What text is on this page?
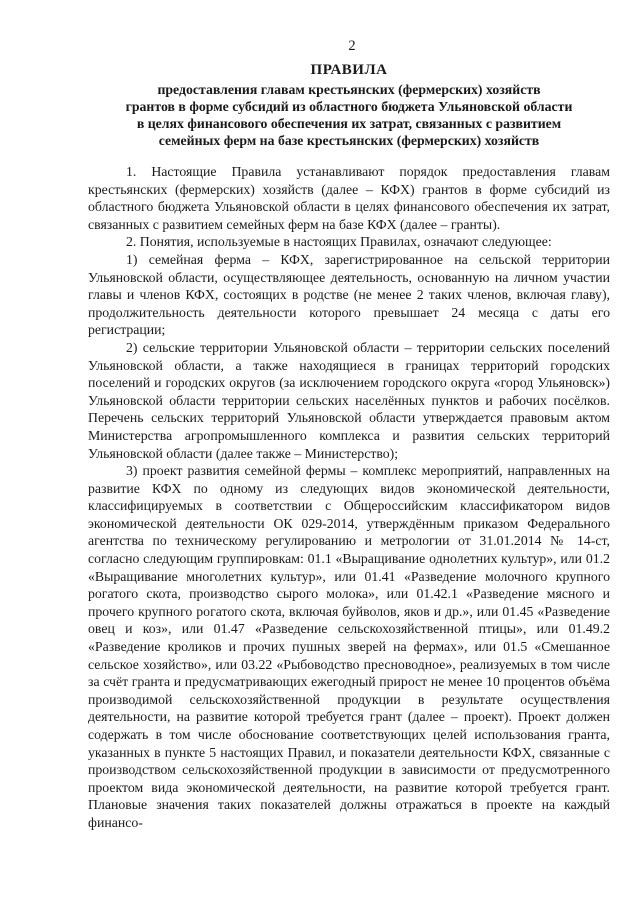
2
ПРАВИЛА
предоставления главам крестьянских (фермерских) хозяйств
грантов в форме субсидий из областного бюджета Ульяновской области
в целях финансового обеспечения их затрат, связанных с развитием
семейных ферм на базе крестьянских (фермерских) хозяйств

1. Настоящие Правила устанавливают порядок предоставления главам крестьянских (фермерских) хозяйств (далее – КФХ) грантов в форме субсидий из областного бюджета Ульяновской области в целях финансового обеспечения их затрат, связанных с развитием семейных ферм на базе КФХ (далее – гранты).

2. Понятия, используемые в настоящих Правилах, означают следующее:

1) семейная ферма – КФХ, зарегистрированное на сельской территории Ульяновской области, осуществляющее деятельность, основанную на личном участии главы и членов КФХ, состоящих в родстве (не менее 2 таких членов, включая главу), продолжительность деятельности которого превышает 24 месяца с даты его регистрации;

2) сельские территории Ульяновской области – территории сельских поселений Ульяновской области, а также находящиеся в границах территорий городских поселений и городских округов (за исключением городского округа «город Ульяновск») Ульяновской области территории сельских населённых пунктов и рабочих посёлков. Перечень сельских территорий Ульяновской области утверждается правовым актом Министерства агропромышленного комплекса и развития сельских территорий Ульяновской области (далее также – Министерство);

3) проект развития семейной фермы – комплекс мероприятий, направленных на развитие КФХ по одному из следующих видов экономической деятельности, классифицируемых в соответствии с Общероссийским классификатором видов экономической деятельности ОК 029-2014, утверждённым приказом Федерального агентства по техническому регулированию и метрологии от 31.01.2014 № 14-ст, согласно следующим группировкам: 01.1 «Выращивание однолетних культур», или 01.2 «Выращивание многолетних культур», или 01.41 «Разведение молочного крупного рогатого скота, производство сырого молока», или 01.42.1 «Разведение мясного и прочего крупного рогатого скота, включая буйволов, яков и др.», или 01.45 «Разведение овец и коз», или 01.47 «Разведение сельскохозяйственной птицы», или 01.49.2 «Разведение кроликов и прочих пушных зверей на фермах», или 01.5 «Смешанное сельское хозяйство», или 03.22 «Рыбоводство пресноводное», реализуемых в том числе за счёт гранта и предусматривающих ежегодный прирост не менее 10 процентов объёма производимой сельскохозяйственной продукции в результате осуществления деятельности, на развитие которой требуется грант (далее – проект). Проект должен содержать в том числе обоснование соответствующих целей использования гранта, указанных в пункте 5 настоящих Правил, и показатели деятельности КФХ, связанные с производством сельскохозяйственной продукции в зависимости от предусмотренного проектом вида экономической деятельности, на развитие которой требуется грант. Плановые значения таких показателей должны отражаться в проекте на каждый финансо-
